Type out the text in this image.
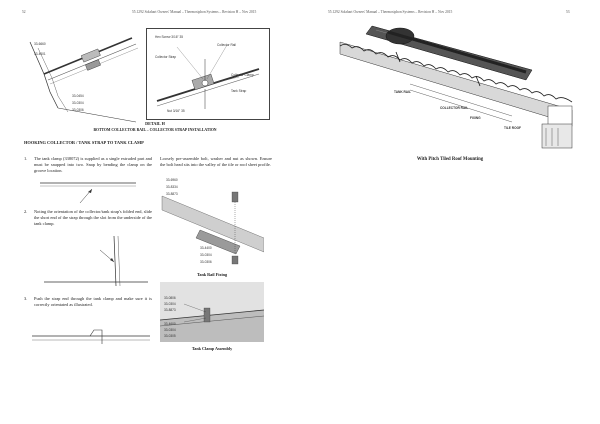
52	55.1292 Solahart Owners' Manual – Thermosiphon Systems – Revision H – Nov 2015
33-6660
33-4601
33-0454
33-0304
33-0306
Hex Screw 3/16" 35
Collector Rail
Collector Strap
Collector Clamp
Tank Strap
Nut 3/16" 35
DETAIL H
BOTTOM COLLECTOR RAIL – COLLECTOR STRAP INSTALLATION
HOOKING COLLECTOR / TANK STRAP TO TANK CLAMP
1.	The tank clamp (338072) is supplied as a single extruded part and must be snapped into two. Snap by bending the clamp on the groove location.
2.	Noting the orientation of the collector/tank strap's folded end, slide the short end of the strap through the slot from the underside of the tank clamp.
3.	Push the strap end through the tank clamp and make sure it is correctly orientated as illustrated.
Loosely pre-assemble bolt, washer and nut as shown. Ensure the bolt head sits into the valley of the tile or roof sheet profile.
33-6960
33-8334
33-8873
33-4400
33-0304
33-0306
Tank Rail Fixing
33-0806
33-0304
33-8873
33-4600
33-0304
33-0305
Tank Clamp Assembly
55.1292 Solahart Owners' Manual – Thermosiphon Systems – Revision H – Nov 2015	53
TANK RAIL
COLLECTOR RAIL
FIXING
TILE ROOF
With Pitch Tiled Roof Mounting
